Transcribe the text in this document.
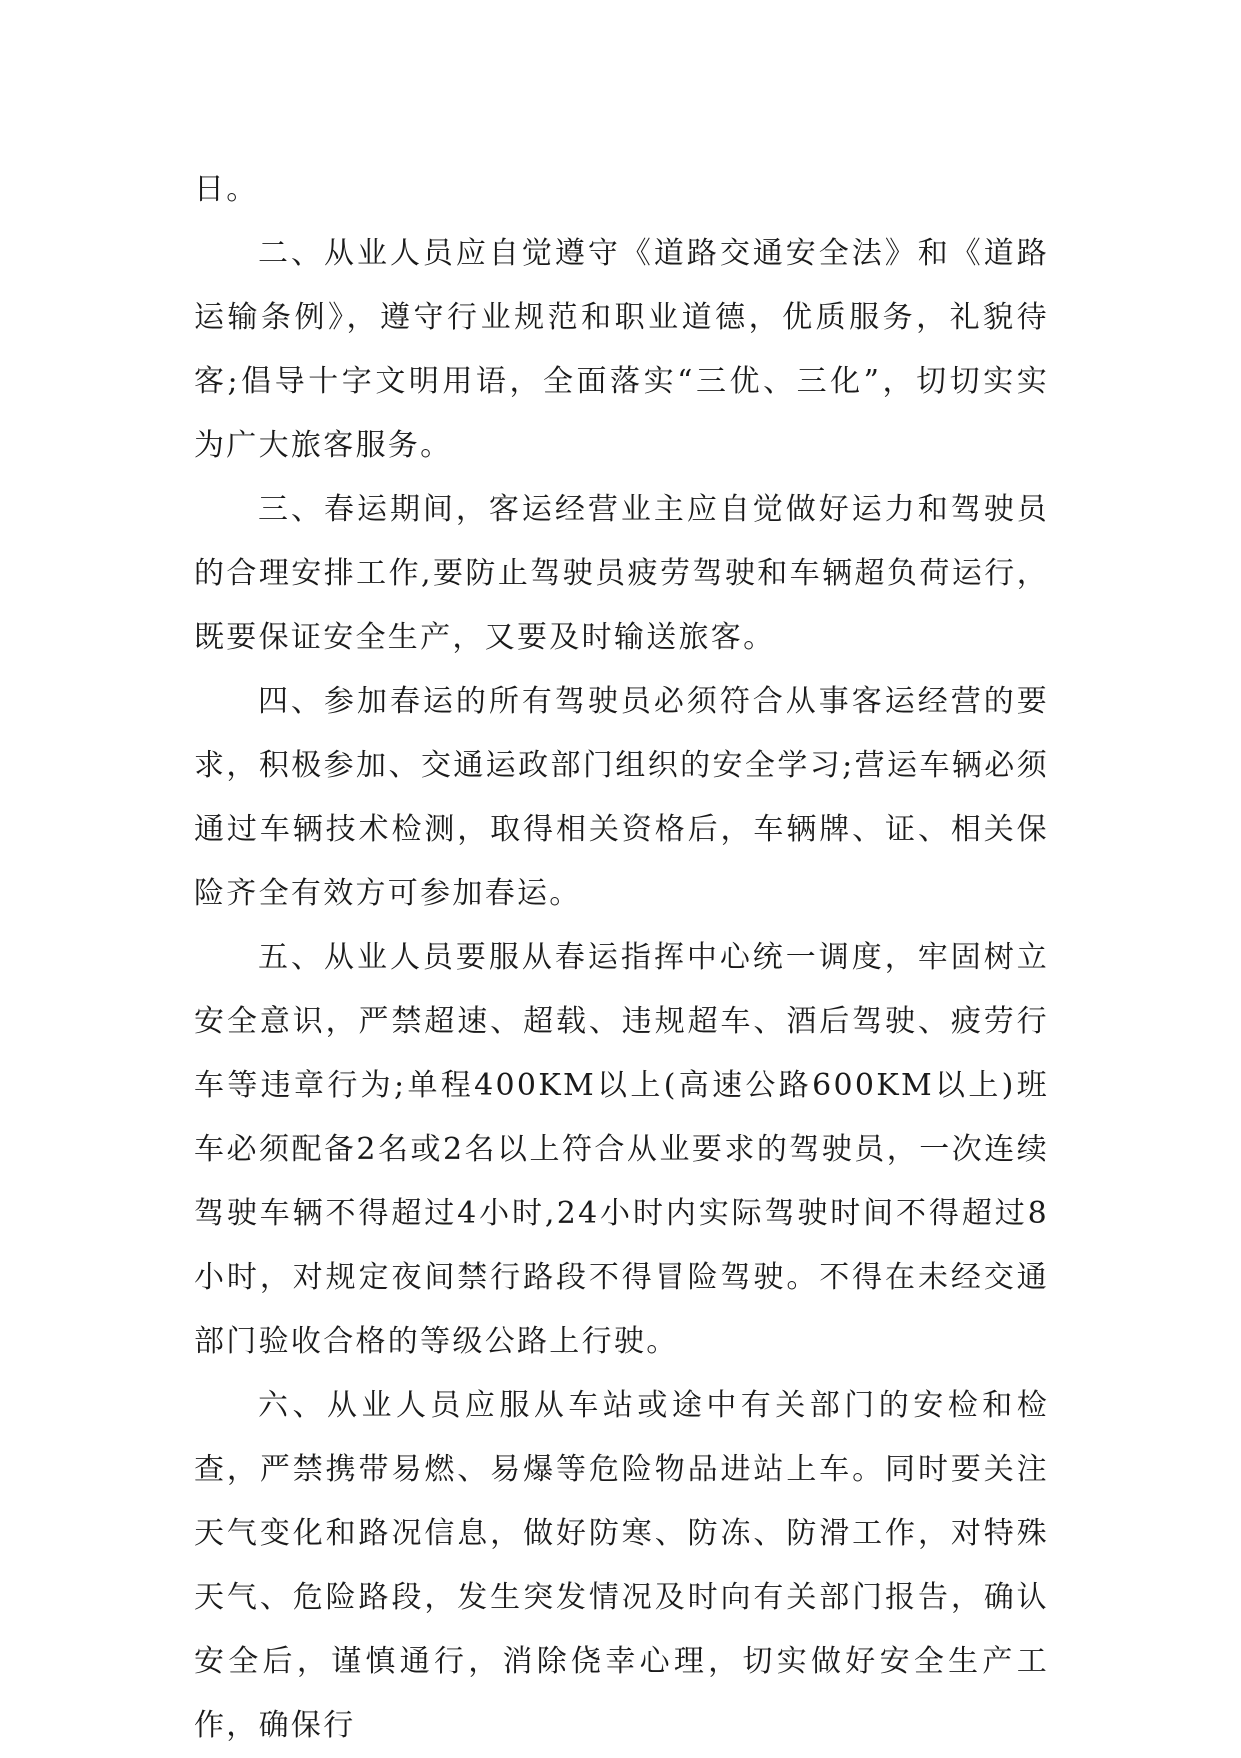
日。

二、从业人员应自觉遵守《道路交通安全法》和《道路运输条例》，遵守行业规范和职业道德，优质服务，礼貌待客;倡导十字文明用语，全面落实“三优、三化”，切切实实为广大旅客服务。

三、春运期间，客运经营业主应自觉做好运力和驾驶员的合理安排工作,要防止驾驶员疲劳驾驶和车辆超负荷运行，既要保证安全生产，又要及时输送旅客。

四、参加春运的所有驾驶员必须符合从事客运经营的要求，积极参加、交通运政部门组织的安全学习;营运车辆必须通过车辆技术检测，取得相关资格后，车辆牌、证、相关保险齐全有效方可参加春运。

五、从业人员要服从春运指挥中心统一调度，牢固树立安全意识，严禁超速、超载、违规超车、酒后驾驶、疲劳行车等违章行为;单程400KM以上(高速公路600KM以上)班车必须配备2名或2名以上符合从业要求的驾驶员，一次连续驾驶车辆不得超过4小时,24小时内实际驾驶时间不得超过8小时，对规定夜间禁行路段不得冒险驾驶。不得在未经交通部门验收合格的等级公路上行驶。

六、从业人员应服从车站或途中有关部门的安检和检查，严禁携带易燃、易爆等危险物品进站上车。同时要关注天气变化和路况信息，做好防寒、防冻、防滑工作，对特殊天气、危险路段，发生突发情况及时向有关部门报告，确认安全后，谨慎通行，消除侥幸心理，切实做好安全生产工作，确保行
